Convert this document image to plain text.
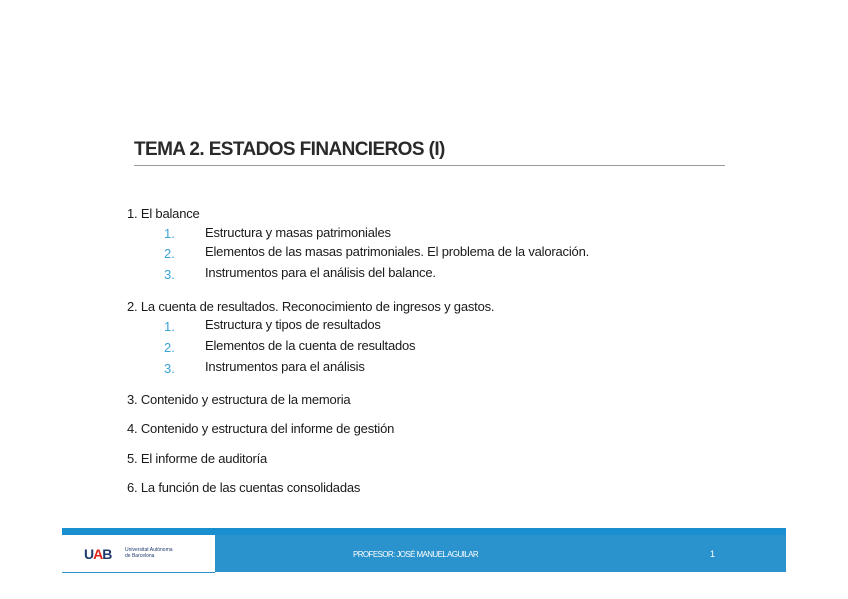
TEMA 2. ESTADOS FINANCIEROS (I)
1. El balance
1. Estructura y masas patrimoniales
2. Elementos de las masas patrimoniales. El problema de la valoración.
3. Instrumentos para el análisis del balance.
2. La cuenta de resultados. Reconocimiento de ingresos y gastos.
1. Estructura y tipos de resultados
2. Elementos de la cuenta de resultados
3. Instrumentos para el análisis
3. Contenido y estructura de la memoria
4. Contenido y estructura del informe de gestión
5. El informe de auditoría
6. La función de las cuentas consolidadas
UAB	Universitat Autònoma
de Barcelona	PROFESOR: JOSÉ MANUEL AGUILAR	1
